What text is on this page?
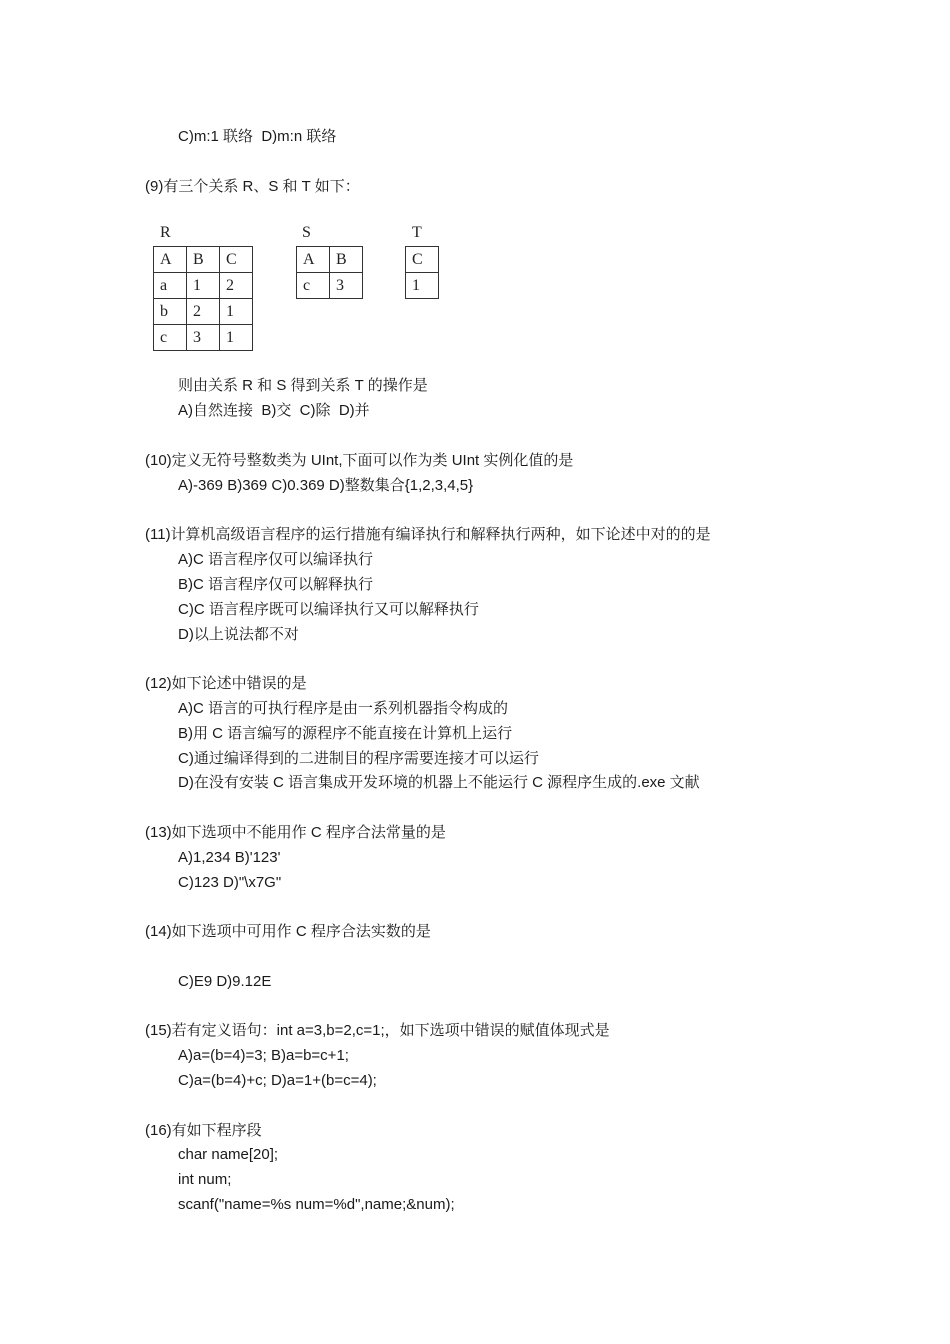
C)m:1 联络  D)m:n 联络
(9)有三个关系 R、S 和 T 如下：
R
A	B	C
a	1	2
b	2	1
c	3	1
S
A	B
c	3
T
C
1
则由关系 R 和 S 得到关系 T 的操作是
A)自然连接  B)交  C)除  D)并
(10)定义无符号整数类为 UInt,下面可以作为类 UInt 实例化值的是
A)-369 B)369 C)0.369 D)整数集合{1,2,3,4,5}
(11)计算机高级语言程序的运行措施有编译执行和解释执行两种，如下论述中对的的是
A)C 语言程序仅可以编译执行
B)C 语言程序仅可以解释执行
C)C 语言程序既可以编译执行又可以解释执行
D)以上说法都不对
(12)如下论述中错误的是
A)C 语言的可执行程序是由一系列机器指令构成的
B)用 C 语言编写的源程序不能直接在计算机上运行
C)通过编译得到的二进制目的程序需要连接才可以运行
D)在没有安装 C 语言集成开发环境的机器上不能运行 C 源程序生成的.exe 文献
(13)如下选项中不能用作 C 程序合法常量的是
A)1,234 B)'123'
C)123 D)"\x7G"
(14)如下选项中可用作 C 程序合法实数的是
C)E9 D)9.12E
(15)若有定义语句：int a=3,b=2,c=1;，如下选项中错误的赋值体现式是
A)a=(b=4)=3; B)a=b=c+1;
C)a=(b=4)+c; D)a=1+(b=c=4);
(16)有如下程序段
char name[20];
int num;
scanf("name=%s num=%d",name;&num);
